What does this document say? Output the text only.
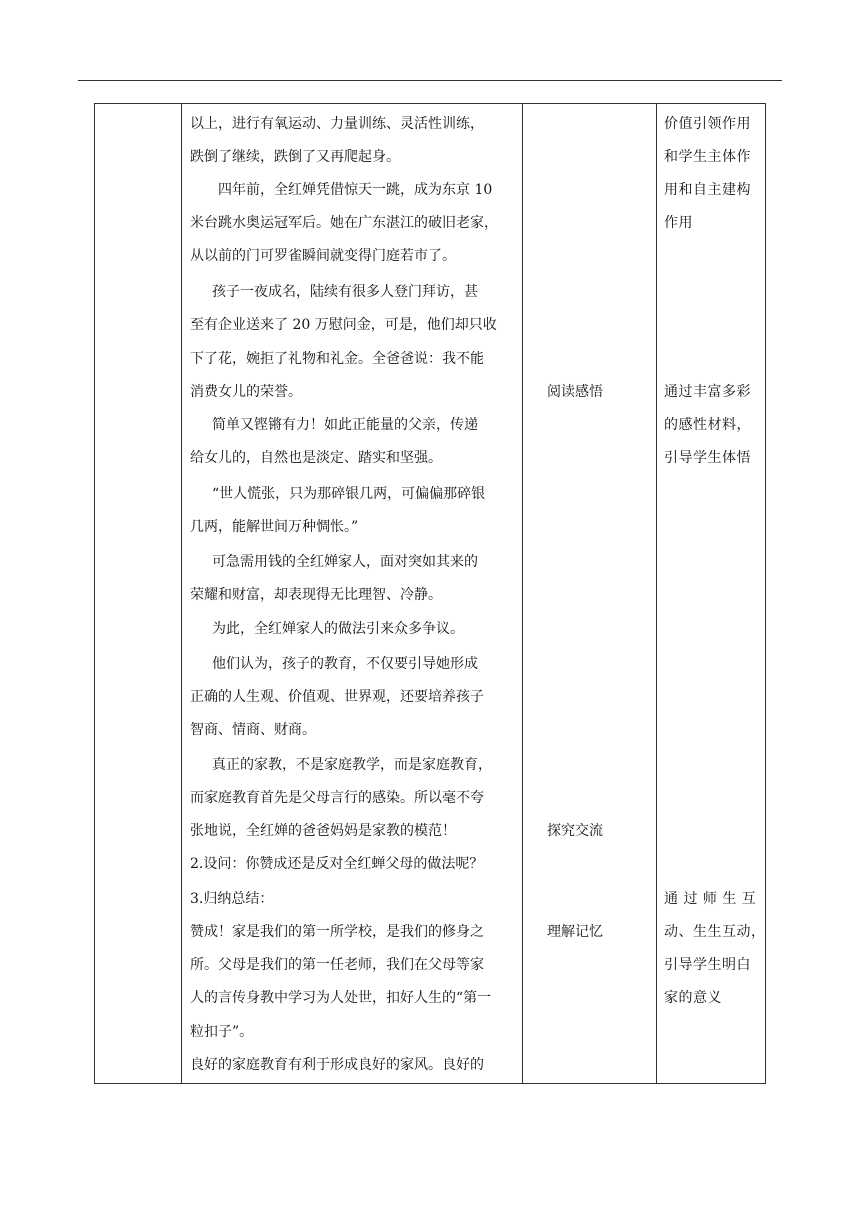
以上，进行有氧运动、力量训练、灵活性训练，
跌倒了继续，跌倒了又再爬起身。
四年前，全红婵凭借惊天一跳，成为东京 10
米台跳水奥运冠军后。她在广东湛江的破旧老家，
从以前的门可罗雀瞬间就变得门庭若市了。
孩子一夜成名，陆续有很多人登门拜访，甚
至有企业送来了 20 万慰问金，可是，他们却只收
下了花，婉拒了礼物和礼金。全爸爸说：我不能
消费女儿的荣誉。
简单又铿锵有力！如此正能量的父亲，传递
给女儿的，自然也是淡定、踏实和坚强。
“世人慌张，只为那碎银几两，可偏偏那碎银
几两，能解世间万种惆怅。”
可急需用钱的全红婵家人，面对突如其来的
荣耀和财富，却表现得无比理智、冷静。
为此，全红婵家人的做法引来众多争议。
他们认为，孩子的教育，不仅要引导她形成
正确的人生观、价值观、世界观，还要培养孩子
智商、情商、财商。
真正的家教，不是家庭教学，而是家庭教育，
而家庭教育首先是父母言行的感染。所以毫不夸
张地说，全红婵的爸爸妈妈是家教的模范！
2.设问：你赞成还是反对全红蝉父母的做法呢？
3.归纳总结：
赞成！家是我们的第一所学校，是我们的修身之
所。父母是我们的第一任老师，我们在父母等家
人的言传身教中学习为人处世，扣好人生的“第一
粒扣子”。
良好的家庭教育有利于形成良好的家风。良好的
阅读感悟
探究交流
理解记忆
价值引领作用
和学生主体作
用和自主建构
作用
通过丰富多彩
的感性材料，
引导学生体悟
通 过 师 生 互
动、生生互动，
引导学生明白
家的意义
